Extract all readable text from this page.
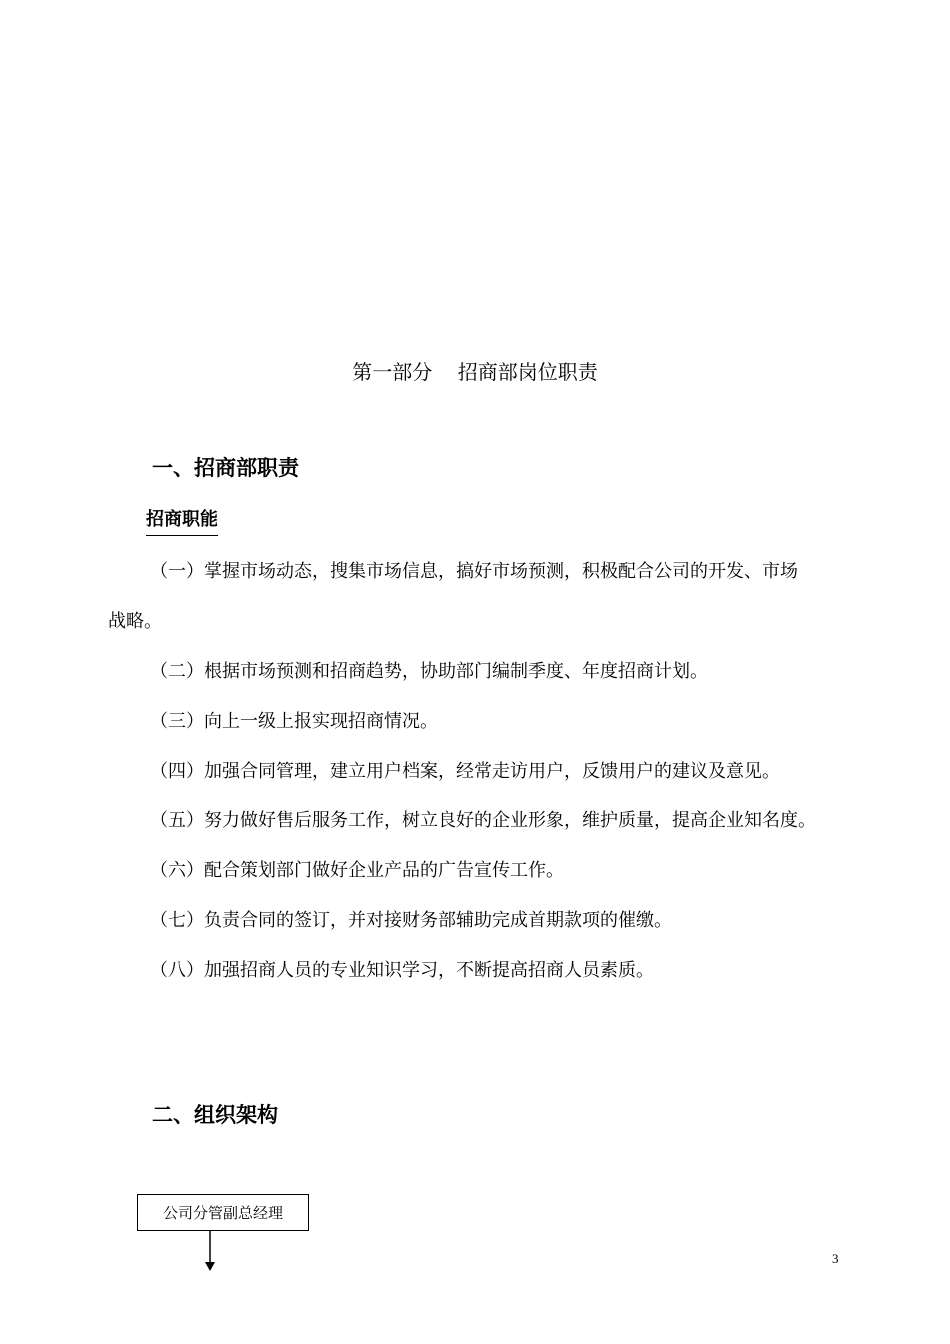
第一部分    招商部岗位职责
一、招商部职责
招商职能
（一）掌握市场动态，搜集市场信息，搞好市场预测，积极配合公司的开发、市场
战略。
（二）根据市场预测和招商趋势，协助部门编制季度、年度招商计划。
（三）向上一级上报实现招商情况。
（四）加强合同管理，建立用户档案，经常走访用户，反馈用户的建议及意见。
（五）努力做好售后服务工作，树立良好的企业形象，维护质量，提高企业知名度。
（六）配合策划部门做好企业产品的广告宣传工作。
（七）负责合同的签订，并对接财务部辅助完成首期款项的催缴。
（八）加强招商人员的专业知识学习，不断提高招商人员素质。
二、组织架构
公司分管副总经理
3
